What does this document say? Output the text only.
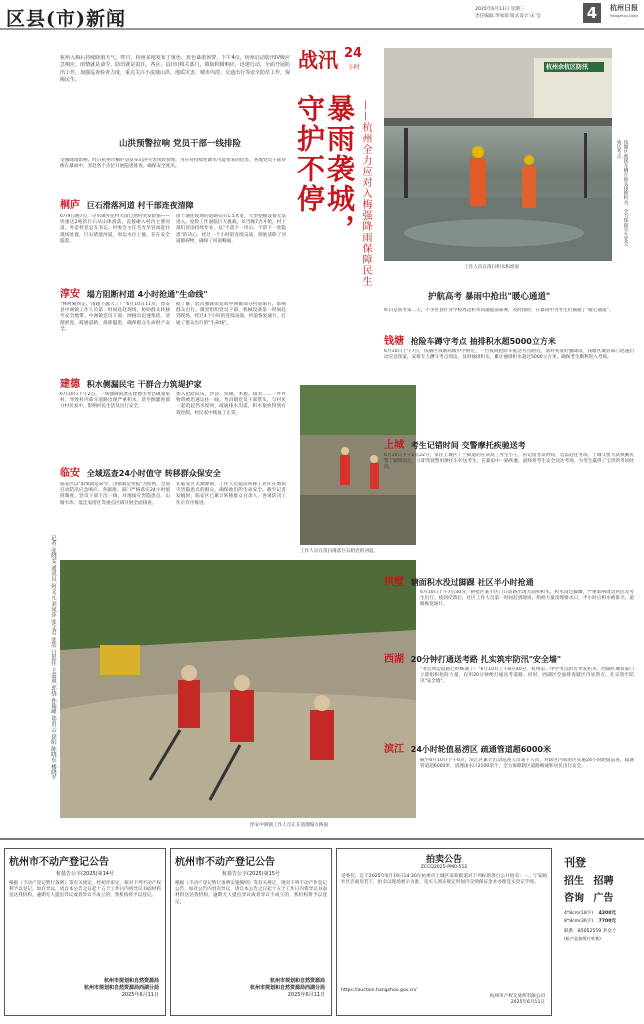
区县(市)新闻	2025年6月11日 星期三
责任编辑:李加瑞 版式设计:宋 莹	4	杭州日报
Hangzhou Daily
杭州入梅后持续降雨天气。昨日，杭州多地发布了黄色、蓝色暴雨预警，下午4点，杭州启动防汛IV级应急响应。雨情就是命令，防汛就是责任。各区、县(市)相关部门、镇街积极响应，迅速行动，全面开展防汛工作，加强巡查检查力度，重点关注小流域山洪、地质灾害、城市内涝、交通出行等安全防范工作，保障民生。
战汛 24
小时
守护不停
暴雨袭城， ——杭州全力应对入梅强降雨保障民生
杭州余杭区防汛
钱塘区救援车辆在街头排除积水，全力保障学生安全到达考点
工作人员在清扫积水和淤泥
山洪预警拉响 党员干部一线排险
受强降雨影响，昨日杭州市桐庐县发布山洪灾害风险预警。为应对持续性降水可能带来的危害，各地党员干部穿梭在暴雨中，奔赴各个点位开展隐患排查，确保安全度汛。
桐庐 巨石滑落河道 村干部连夜清障
6月9日晚7点，分水镇外范村大雨自然村突发险情——块重达2吨的巨石从山体滑落，直接砸入村内主要河道。外范村党总支书记、村委会主任毛光华冒雨赶往现场处置，巨石堵塞河道，周边水位上涨，存在安全隐患。
由于通往现场的道路仅有1.5米宽，大型挖掘设备无法进入，抢险工作面临巨大挑战。从当晚7点开始，村干部们冒雨持续作业，以"不落下一块石、不留下一处隐患"的决心，经过一个小时的连续奋战，彻底清除了河道障碍物，确保了河道畅通。
淳安 塌方阻断村道 4小时抢通"生命线"
"林阿姨快走，雨越下越大了！"6月10日11点，淳安县中洲镇工作人员第一时间赶赴现场，协助群众转移至安全地带。中洲镇党员干部、网格员迅速集结，清理淤泥，疏通道路，排除隐患，确保群众生命财产安全。
据了解，此次强降雨造成中洲镇部分村道塌方，影响群众出行。镇里组织党员干部、机械设备第一时间赶到现场，经过4个小时的连续奋战，村道恢复通行，打通了群众出行的"生命线"。
建德 积水侧漏民宅 干群合力筑堤护家
6月10日下午2点，一场强降雨袭击建德市寿昌镇童家村，导致村内部分道路出现严重积水，甚至倒灌进部分村民家中，影响村民生活及出行安全。
加入抢险队伍，沙袋、铁锹、木板、雨衣……一件件物资被迅速运往一线。寿昌镇党员干部带头，与村民一起筑起挡水堤坝，疏通排水沟渠，积水很快得到有效控制，村民家中恢复了正常。
临安 全域巡查24小时值守 转移群众保安全
临安区以"雨情就是命令、汛情就是警报"为原则，全面启动防汛应急响应。各镇街、部门严格落实24小时值班制度，党员干部下沉一线，对地质灾害隐患点、山塘水库、低洼易涝区等重点区域开展全面排查。
在临安区太湖源镇，工作人员提前转移了居住在地质灾害隐患点的群众，确保他们的生命安全。截至记者发稿时，临安区已累计转移群众百余人，各项防汛工作正有序推进。
记者 张晓雯 通讯员 何文元 刘凤萍 张文君 张浩 吕思佳 王嘉琪 郭骁 孙瑞峰 郑贵云 徐阳 陈晓东 楼晓平	工作人员在清扫滑落巨石附近的河道。
淳安中洲镇工作人员正在清理塌方路面
护航高考 暴雨中抢出"暖心通道"
昨日是高考第二天，不少区县针对学校周边积水问题提前部署，及时排险，在暴雨中为考生们铺就了"暖心通道"。
钱塘 抢险车蹲守考点 抽排积水超5000立方米
6月10日上午7点，钱塘区钱塘高级中学附近，一台夜间抢险车抵达考点附近。面对突发的强降雨，钱塘区城管部门迅速启动应急预案，安排专人蹲守考点周边，及时抽排积水，累计抽排积水超过5000立方米，确保考生顺利进入考场。
上城 考生记错时间 交警摩托疾驰送考
6月10日下午2点22分，家住上城区丁兰街道的在读高三考生小王，因记错考试时间，急需赶往考场。上城交警大队执勤民警了解情况后，立即驾驶警用摩托车护送考生，在暴雨中一路疾驰，最终将考生安全送达考场，为考生赢得了宝贵的考试时间。
拱墅 塘面积水没过脚踝 社区半小时抢通
6月10日上午7点30分，拱墅区某小区门口道路出现大面积积水，积水没过脚踝，严重影响周边居民及考生出行。接到反馈后，社区工作人员第一时间赶到现场，组织力量清理排水口，半小时后积水被排尽，道路恢复通行。
西湖 20分钟打通送考路 扎实筑牢防汛"安全墙"
"考点周边道路已经畅通了！"6月10日上午8点40分，杭州第二中学考点附近突发积水，西湖区城管部门立即组织抢险力量，仅用20分钟便打通送考道路。同时，西湖区全面排查辖区内易涝点，扎实筑牢防汛"安全墙"。
滨江 24小时轮值易涝区 疏通管道超6000米
截至6月10日下午6点，滨江区累计出动巡查人员超千人次，对辖区内易涝区实施24小时轮值巡查，疏通管道超6000米，清理雨水口2100余个，全力保障辖区道路畅通和居民出行安全。
杭州市不动产登记公告
杭盐告公字(2025)第14号
根据《不动产登记暂行条例》等有关规定，经初步审定，拟对下列不动产权利予以登记。如有异议，请自本公告之日起十五个工作日内将异议书面材料送达我机构，逾期无人提出异议或者异议不成立的，我机构将予以登记。
杭州市规划和自然资源局
杭州市规划和自然资源局西湖分局
2025年6月11日
杭州市不动产登记公告
杭盐告公字(2025)第15号
根据《不动产登记暂行条例实施细则》等有关规定，现对下列不动产作登记公告，如对公告内容有异议，请自本公告之日起十五个工作日内将异议书面材料送达我机构，逾期无人提出异议或者异议不成立的，我机构将予以登记。
杭州市规划和自然资源局
杭州市规划和自然资源局西湖分局
2025年6月11日
拍卖公告
ZCCQ2025-PM0-512
受委托，定于2025年6月19日14:30在杭州市上城区采荷街道对下列标的进行公开拍卖：一、宁安路社区店面房若干，拍卖以现场展示为准，竞买人须在规定时间内交纳保证金并办理竞买登记手续。
https://auction.hangzhou.gov.cn/
杭州市产权交易所有限公司
2025年6月11日
刊登
招生 招聘
咨询 广告
4*8cm(18字) 4200元
8*8cm(36字) 7700元
联系：85052559 李女士
(杭产品按图片单独)
